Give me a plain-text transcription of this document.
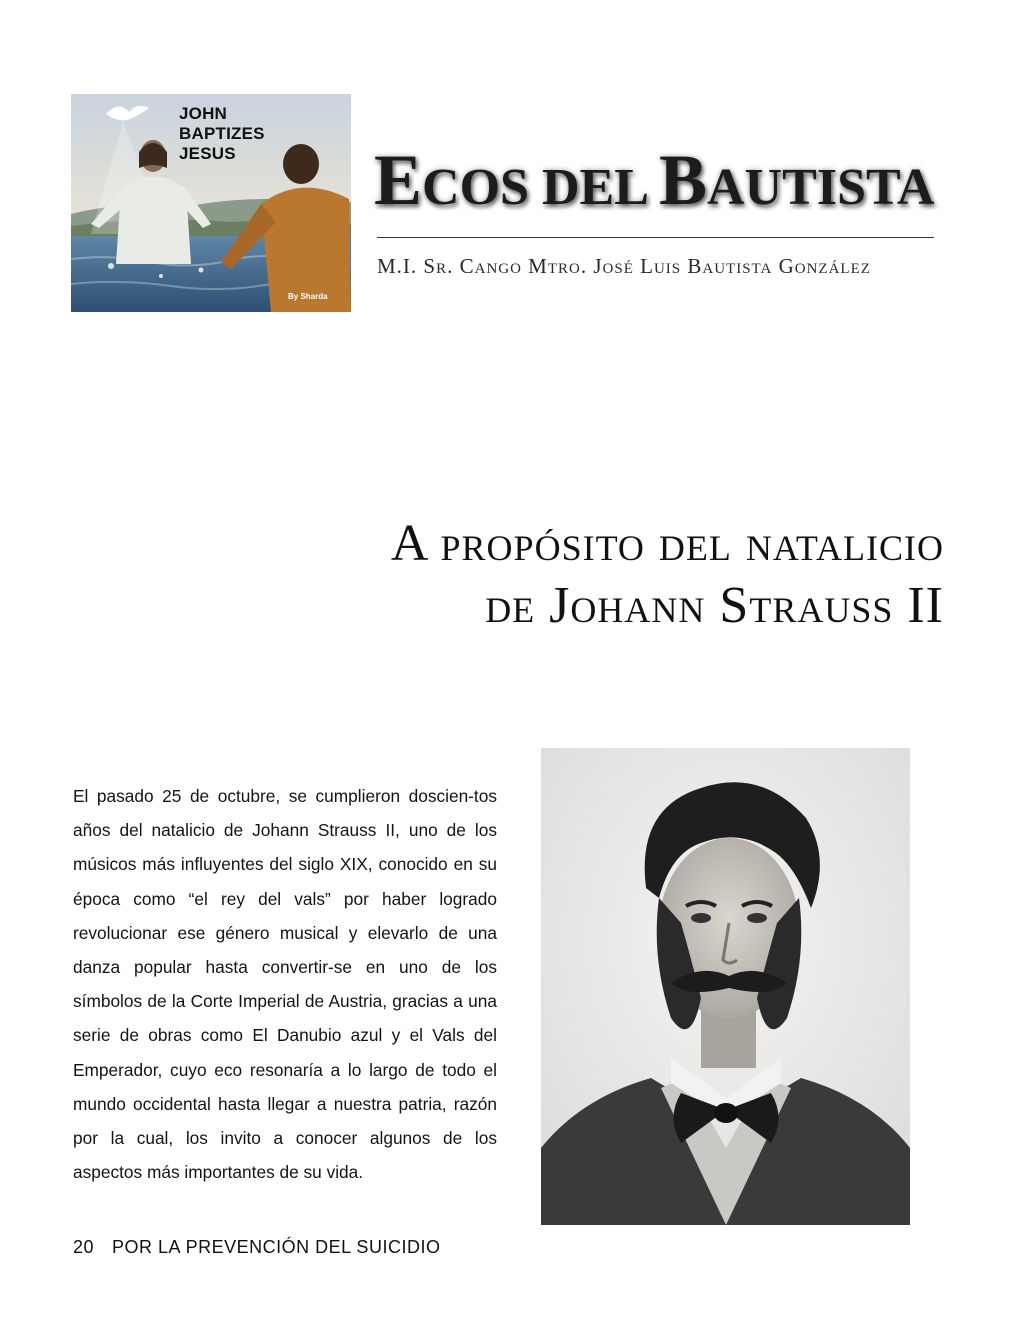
JOHN
BAPTIZES
JESUS
By Sharda
ECOS DEL BAUTISTA
M.I. Sr. Cango Mtro. José Luis Bautista González
A propósito del natalicio
de Johann Strauss II
El pasado 25 de octubre, se cumplieron doscien-tos años del natalicio de Johann Strauss II, uno de los músicos más influyentes del siglo XIX, conocido en su época como “el rey del vals” por haber logrado revolucionar ese género musical y elevarlo de una danza popular hasta convertir-se en uno de los símbolos de la Corte Imperial de Austria, gracias a una serie de obras como El Danubio azul y el Vals del Emperador, cuyo eco resonaría a lo largo de todo el mundo occidental hasta llegar a nuestra patria, razón por la cual, los invito a conocer algunos de los aspectos más importantes de su vida.
20 POR LA PREVENCIÓN DEL SUICIDIO
